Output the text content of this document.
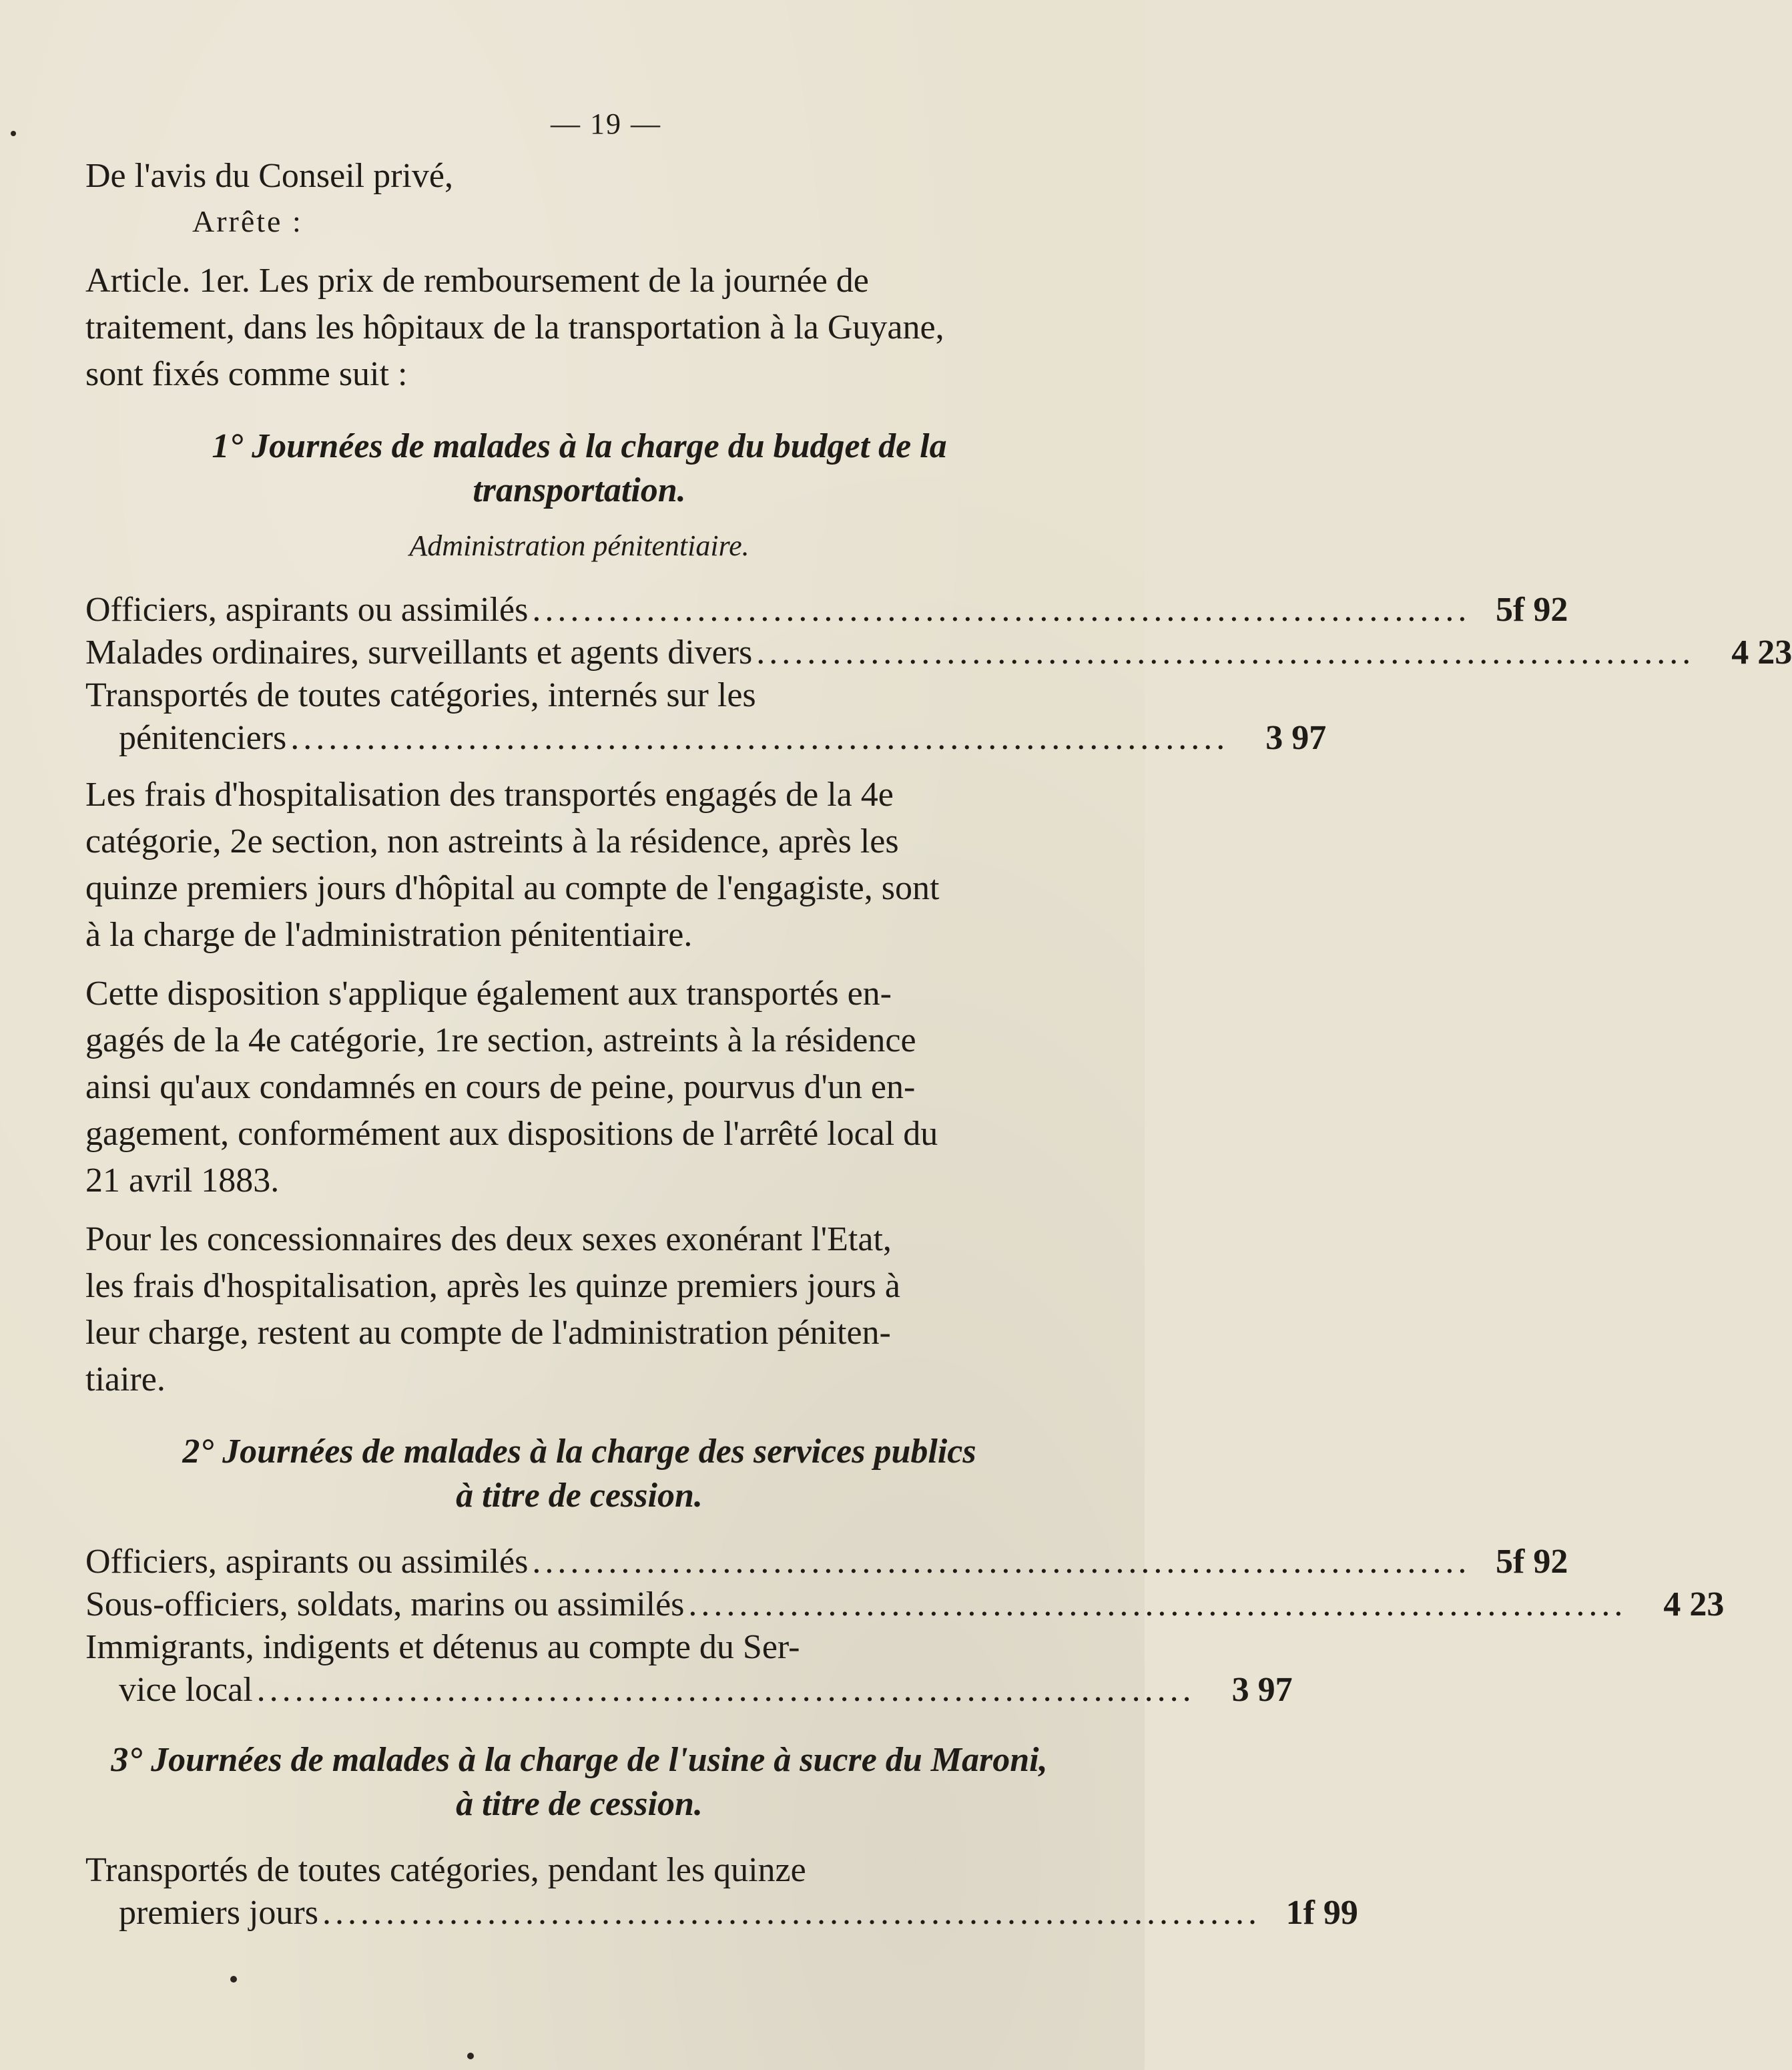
— 19 —

De l'avis du Conseil privé,

Arrête :

Article. 1er. Les prix de remboursement de la journée de

traitement, dans les hôpitaux de la transportation à la Guyane,

sont fixés comme suit :

1° Journées de malades à la charge du budget de la
transportation.
Administration pénitentiaire.
Officiers, aspirants ou assimilés .......................................................................... 5f 92
Malades ordinaires, surveillants et agents divers ..........................................................................	4 23
Transportés de toutes catégories, internés sur les
pénitenciers ..........................................................................	3 97

Les frais d'hospitalisation des transportés engagés de la 4e

catégorie, 2e section, non astreints à la résidence, après les

quinze premiers jours d'hôpital au compte de l'engagiste, sont

à la charge de l'administration pénitentiaire.

Cette disposition s'applique également aux transportés en-

gagés de la 4e catégorie, 1re section, astreints à la résidence

ainsi qu'aux condamnés en cours de peine, pourvus d'un en-

gagement, conformément aux dispositions de l'arrêté local du

21 avril 1883.

Pour les concessionnaires des deux sexes exonérant l'Etat,

les frais d'hospitalisation, après les quinze premiers jours à

leur charge, restent au compte de l'administration péniten-

tiaire.

2° Journées de malades à la charge des services publics
à titre de cession.
Officiers, aspirants ou assimilés .......................................................................... 5f 92
Sous-officiers, soldats, marins ou assimilés ..........................................................................	4 23
Immigrants, indigents et détenus au compte du Ser-
vice local ..........................................................................	3 97
3° Journées de malades à la charge de l'usine à sucre du Maroni,
à titre de cession.
Transportés de toutes catégories, pendant les quinze
premiers jours .......................................................................... 1f 99
